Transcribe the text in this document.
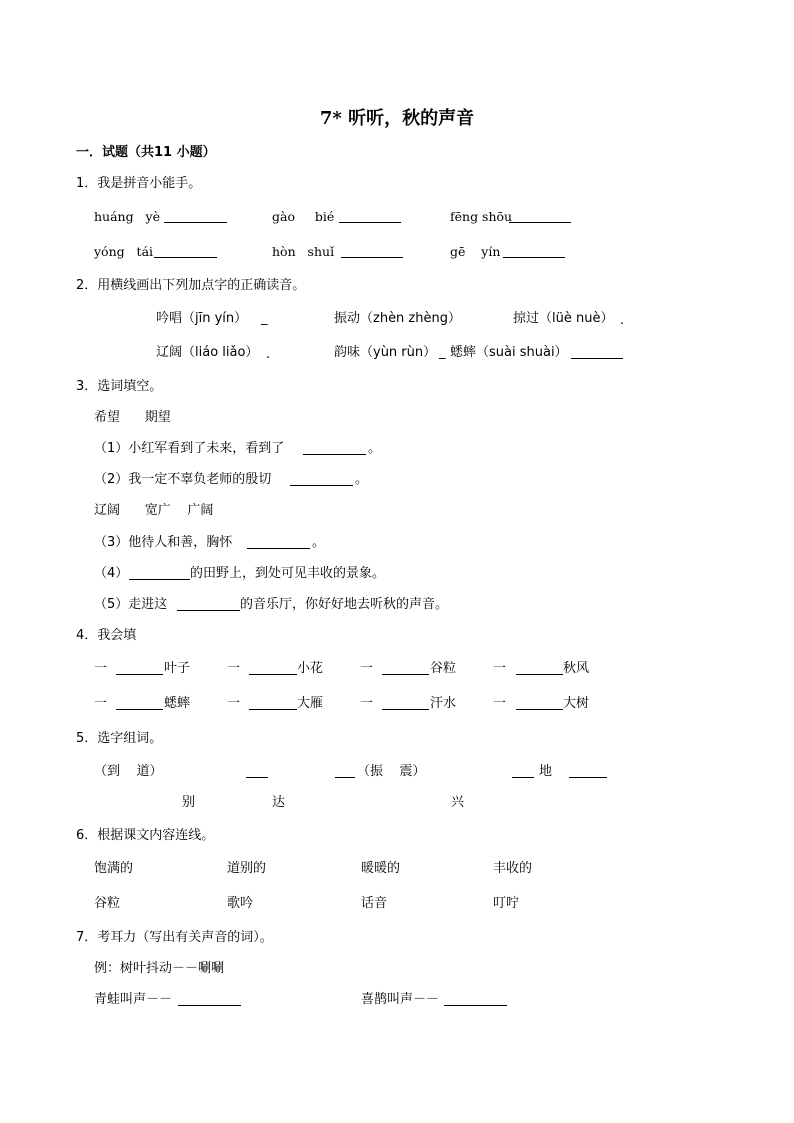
7* 听听，秋的声音
一．试题（共11 小题）
1．我是拼音小能手。
huáng   yè	gào     bié	fēng shōu
yóng   tái	hòn   shuǐ	gē    yín
2．用横线画出下列加点字的正确读音。
吟唱（jīn yín） _	振动（zhèn zhèng）	掠过（lüè nuè） .
辽阔（liáo liǎo） .	韵味（yùn rùn） _ 蟋蟀（suài shuài）
3．选词填空。
希望      期望
（1）小红军看到了未来，看到了	。
（2）我一定不辜负老师的殷切	。
辽阔      宽广    广阔
（3）他待人和善，胸怀	。
（4）	的田野上，到处可见丰收的景象。
（5）走进这	的音乐厅，你好好地去听秋的声音。
4．我会填
一	叶子	一	小花	一	谷粒	一	秋风
一	蟋蟀	一	大雁	一	汗水	一	大树
5．选字组词。
（到    道）	（振    震）	地
别	达	兴
6．根据课文内容连线。
饱满的	道别的	暖暖的	丰收的
谷粒	歌吟	话音	叮咛
7．考耳力（写出有关声音的词）。
例：树叶抖动－－唰唰
青蛙叫声－－	喜鹊叫声－－
